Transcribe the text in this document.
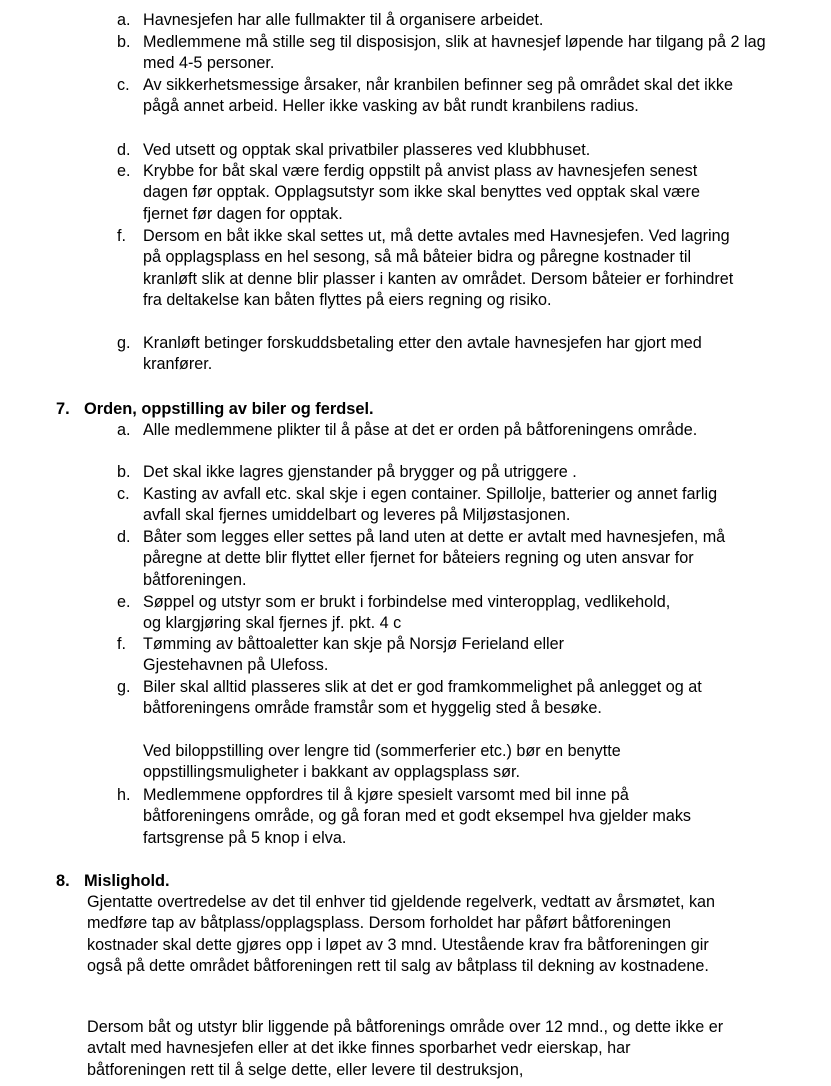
a. Havnesjefen har alle fullmakter til å organisere arbeidet.
b. Medlemmene må stille seg til disposisjon, slik at havnesjef løpende har tilgang på 2 lag med 4-5 personer.
c. Av sikkerhetsmessige årsaker, når kranbilen befinner seg på området skal det ikke pågå annet arbeid. Heller ikke vasking av båt rundt kranbilens radius.
d. Ved utsett og opptak skal privatbiler plasseres ved klubbhuset.
e. Krybbe for båt skal være ferdig oppstilt på anvist plass av havnesjefen senest dagen før opptak. Opplagsutstyr som ikke skal benyttes ved opptak skal være fjernet før dagen for opptak.
f. Dersom en båt ikke skal settes ut, må dette avtales med Havnesjefen. Ved lagring på opplagsplass en hel sesong, så må båteier bidra og påregne kostnader til kranløft slik at denne blir plasser i kanten av området. Dersom båteier er forhindret fra deltakelse kan båten flyttes på eiers regning og risiko.
g. Kranløft betinger forskuddsbetaling etter den avtale havnesjefen har gjort med kranfører.
7. Orden, oppstilling av biler og ferdsel.
a. Alle medlemmene plikter til å påse at det er orden på båtforeningens område.
b. Det skal ikke lagres gjenstander på brygger og på utriggere .
c. Kasting av avfall etc. skal skje i egen container. Spillolje, batterier og annet farlig avfall skal fjernes umiddelbart og leveres på Miljøstasjonen.
d. Båter som legges eller settes på land uten at dette er avtalt med havnesjefen, må påregne at dette blir flyttet eller fjernet for båteiers regning og uten ansvar for båtforeningen.
e. Søppel og utstyr som er brukt i forbindelse med vinteropplag, vedlikehold, og klargjøring skal fjernes jf. pkt. 4 c
f. Tømming av båttoaletter kan skje på Norsjø Ferieland eller Gjestehavnen på Ulefoss.
g. Biler skal alltid plasseres slik at det er god framkommelighet på anlegget og at båtforeningens område framstår som et hyggelig sted å besøke.
Ved biloppstilling over lengre tid (sommerferier etc.) bør en benytte oppstillingsmuligheter i bakkant av opplagsplass sør.
h. Medlemmene oppfordres til å kjøre spesielt varsomt med bil inne på båtforeningens område, og gå foran med et godt eksempel hva gjelder maks fartsgrense på 5 knop i elva.
8. Mislighold.
Gjentatte overtredelse av det til enhver tid gjeldende regelverk, vedtatt av årsmøtet, kan medføre tap av båtplass/opplagsplass. Dersom forholdet har påført båtforeningen kostnader skal dette gjøres opp i løpet av 3 mnd. Utestående krav fra båtforeningen gir også på dette området båtforeningen rett til salg av båtplass til dekning av kostnadene.
Dersom båt og utstyr blir liggende på båtforenings område over 12 mnd., og dette ikke er avtalt med havnesjefen eller at det ikke finnes sporbarhet vedr eierskap, har båtforeningen rett til å selge dette, eller levere til destruksjon,
